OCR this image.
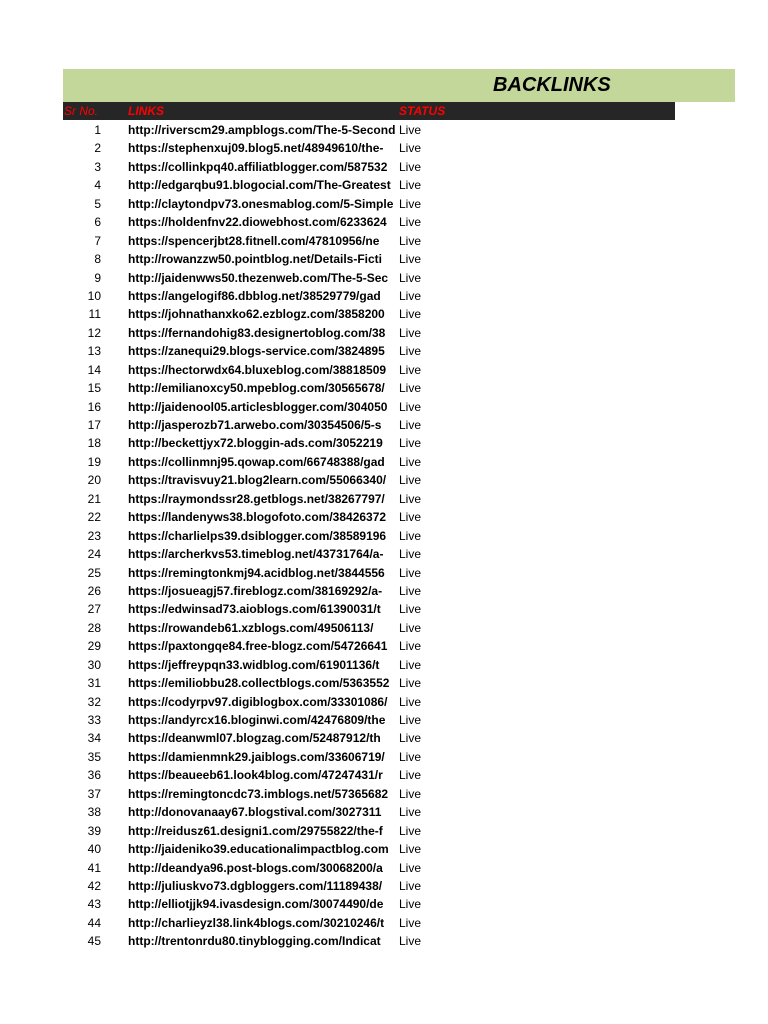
BACKLINKS
Sr No. LINKS	STATUS
1 http://riverscm29.ampblogs.com/The-5-Second Live
2 https://stephenxuj09.blog5.net/48949610/the-	Live
3 https://collinkpq40.affiliatblogger.com/587532 Live
4 http://edgarqbu91.blogocial.com/The-Greatest Live
5 http://claytondpv73.onesmablog.com/5-Simple Live
6 https://holdenfnv22.diowebhost.com/6233624	Live
7 https://spencerjbt28.fitnell.com/47810956/ne	Live
8 http://rowanzzw50.pointblog.net/Details-Ficti	Live
9 http://jaidenwws50.thezenweb.com/The-5-Sec Live
10 https://angelogif86.dbblog.net/38529779/gad	Live
11 https://johnathanxko62.ezblogz.com/3858200	Live
12 https://fernandohig83.designertoblog.com/38	Live
13 https://zanequi29.blogs-service.com/3824895	Live
14 https://hectorwdx64.bluxeblog.com/38818509	Live
15 http://emilianoxcy50.mpeblog.com/30565678/	Live
16 http://jaidenool05.articlesblogger.com/304050 Live
17 http://jasperozb71.arwebo.com/30354506/5-s	Live
18 http://beckettjyx72.bloggin-ads.com/3052219	Live
19 https://collinmnj95.qowap.com/66748388/gad	Live
20 https://travisvuy21.blog2learn.com/55066340/	Live
21 https://raymondssr28.getblogs.net/38267797/	Live
22 https://landenyws38.blogofoto.com/38426372	Live
23 https://charlielps39.dsiblogger.com/38589196	Live
24 https://archerkvs53.timeblog.net/43731764/a-	Live
25 https://remingtonkmj94.acidblog.net/3844556	Live
26 https://josueagj57.fireblogz.com/38169292/a-	Live
27 https://edwinsad73.aioblogs.com/61390031/t	Live
28 https://rowandeb61.xzblogs.com/49506113/	Live
29 https://paxtongqe84.free-blogz.com/54726641 Live
30 https://jeffreypqn33.widblog.com/61901136/t	Live
31 https://emiliobbu28.collectblogs.com/5363552 Live
32 https://codyrpv97.digiblogbox.com/33301086/ Live
33 https://andyrcx16.bloginwi.com/42476809/the	Live
34 https://deanwml07.blogzag.com/52487912/th	Live
35 https://damienmnk29.jaiblogs.com/33606719/	Live
36 https://beaueeb61.look4blog.com/47247431/r	Live
37 https://remingtoncdc73.imblogs.net/57365682 Live
38 http://donovanaay67.blogstival.com/3027311	Live
39 http://reidusz61.designi1.com/29755822/the-f	Live
40 http://jaideniko39.educationalimpactblog.com Live
41 http://deandya96.post-blogs.com/30068200/a	Live
42 http://juliuskvo73.dgbloggers.com/11189438/	Live
43 http://elliotjjk94.ivasdesign.com/30074490/de	Live
44 http://charlieyzl38.link4blogs.com/30210246/t	Live
45 http://trentonrdu80.tinyblogging.com/Indicat	Live
